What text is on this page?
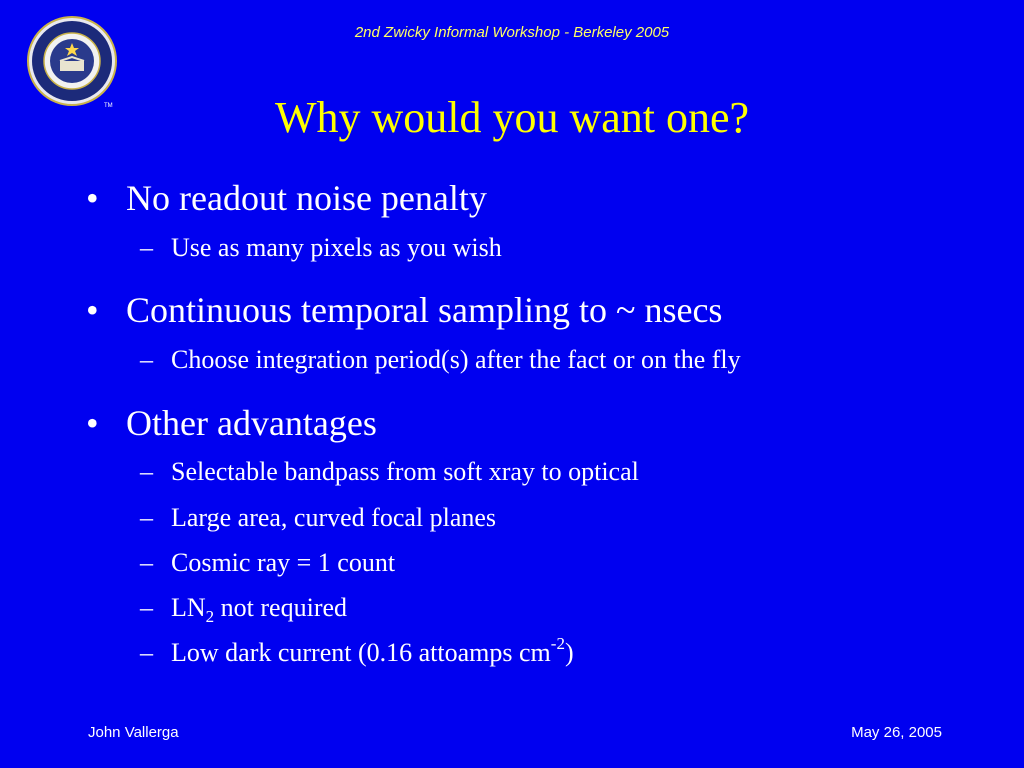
2nd Zwicky Informal Workshop - Berkeley 2005
TM	Why would you want one?
• No readout noise penalty
– Use as many pixels as you wish
• Continuous temporal sampling to ~ nsecs
– Choose integration period(s) after the fact or on the fly
• Other advantages
– Selectable bandpass from soft xray to optical
– Large area, curved focal planes
– Cosmic ray = 1 count
– $LN_2$ not required
– Low dark current (0.16 attoamps $cm^{-2}$)
John Vallerga	May 26, 2005
